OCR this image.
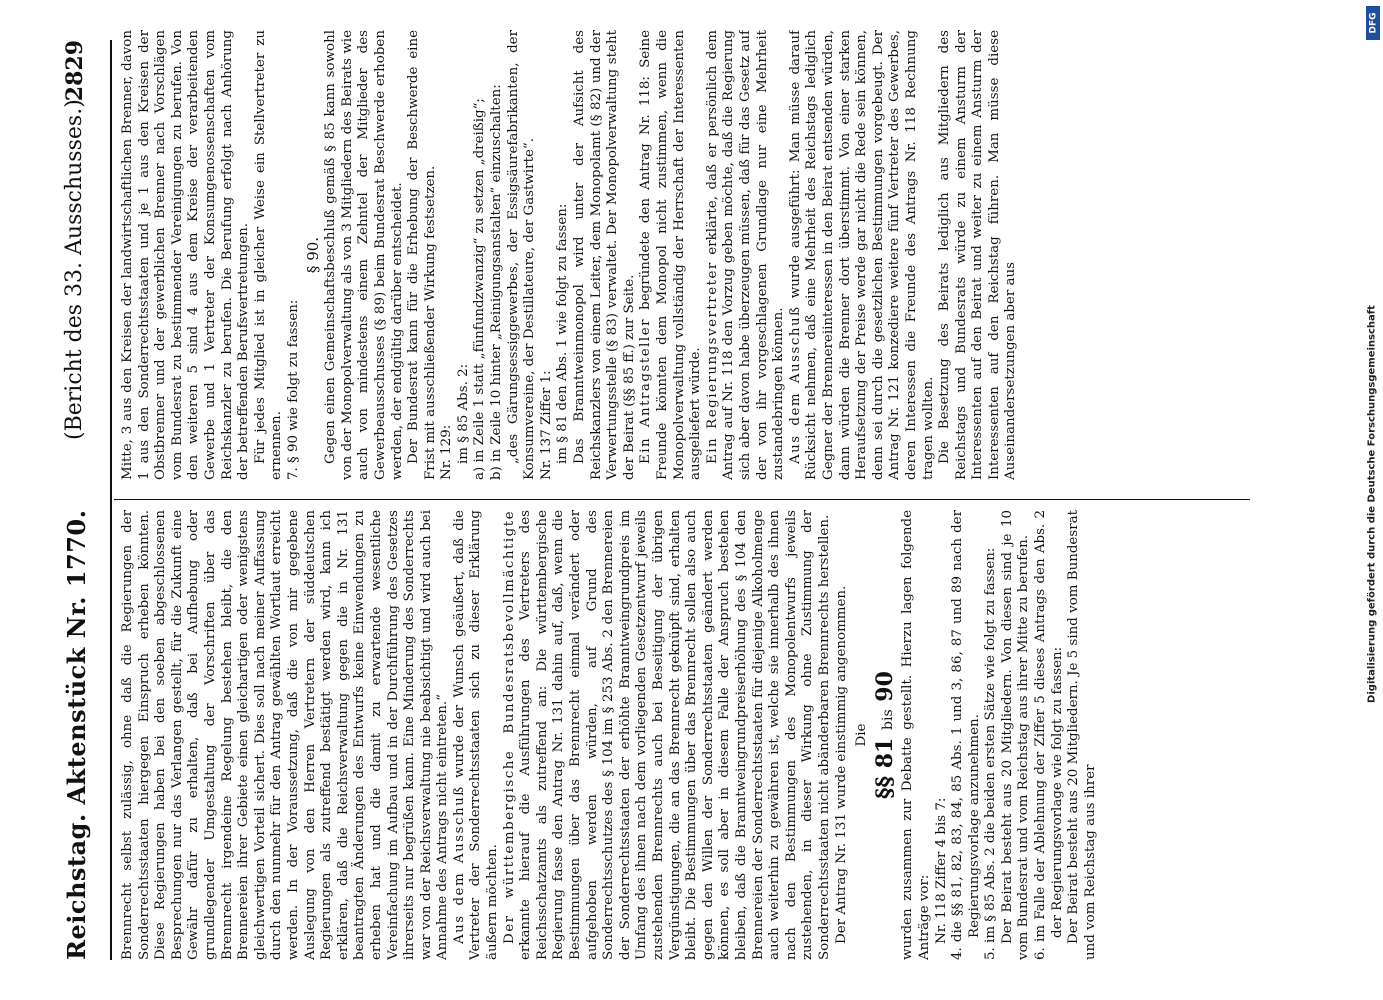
Reichstag. Aktenstück Nr. 1770.
(Bericht des 33. Ausschusses.)
2829

Brennrecht selbst zulässig, ohne daß die Regierungen der Sonderrechtsstaaten hiergegen Einspruch erheben könnten. Diese Regierungen haben bei den soeben abgeschlossenen Besprechungen nur das Verlangen gestellt, für die Zukunft eine Gewähr dafür zu erhalten, daß bei Aufhebung oder grundlegender Umgestaltung der Vorschriften über das Brennrecht irgendeine Regelung bestehen bleibt, die den Brennereien ihrer Gebiete einen gleichartigen oder wenigstens gleichwertigen Vorteil sichert. Dies soll nach meiner Auffassung durch den nunmehr für den Antrag gewählten Wortlaut erreicht werden. In der Voraussetzung, daß die von mir gegebene Auslegung von den Herren Vertretern der süddeutschen Regierungen als zutreffend bestätigt werden wird, kann ich erklären, daß die Reichsverwaltung gegen die in Nr. 131 beantragten Änderungen des Entwurfs keine Einwendungen zu erheben hat und die damit zu erwartende wesentliche Vereinfachung im Aufbau und in der Durchführung des Gesetzes ihrerseits nur begrüßen kann. Eine Minderung des Sonderrechts war von der Reichsverwaltung nie beabsichtigt und wird auch bei Annahme des Antrags nicht eintreten.“ Aus dem Ausschuß wurde der Wunsch geäußert, daß die Vertreter der Sonderrechtsstaaten sich zu dieser Erklärung äußern möchten. Der württembergische Bundesratsbevollmächtigte erkannte hierauf die Ausführungen des Vertreters des Reichsschatzamts als zutreffend an: Die württembergische Regierung fasse den Antrag Nr. 131 dahin auf, daß, wenn die Bestimmungen über das Brennrecht einmal verändert oder aufgehoben werden würden, auf Grund des Sonderrechtsschutzes des § 104 im § 253 Abs. 2 den Brennereien der Sonderrechtsstaaten der erhöhte Branntweingrundpreis im Umfang des ihnen nach dem vorliegenden Gesetzentwurf jeweils zustehenden Brennrechts auch bei Beseitigung der übrigen Vergünstigungen, die an das Brennrecht geknüpft sind, erhalten bleibt. Die Bestimmungen über das Brennrecht sollen also auch gegen den Willen der Sonderrechtsstaaten geändert werden können, es soll aber in diesem Falle der Anspruch bestehen bleiben, daß die Branntweingrundpreiserhöhung des § 104 den Brennereien der Sonderrechtsstaaten für diejenige Alkoholmenge auch weiterhin zu gewähren ist, welche sie innerhalb des ihnen nach den Bestimmungen des Monopolentwurfs jeweils zustehenden, in dieser Wirkung ohne Zustimmung der Sonderrechtsstaaten nicht abänderbaren Brennrechts herstellen. Der Antrag Nr. 131 wurde einstimmig angenommen. Die

§§ 81 bis 90 wurden zusammen zur Debatte gestellt. Hierzu lagen folgende Anträge vor: Nr. 118 Ziffer 4 bis 7: 4. die §§ 81, 82, 83, 84, 85 Abs. 1 und 3, 86, 87 und 89 nach der Regierungsvorlage anzunehmen. 5. im § 85 Abs. 2 die beiden ersten Sätze wie folgt zu fassen: Der Beirat besteht aus 20 Mitgliedern. Von diesen sind je 10 vom Bundesrat und vom Reichstag aus ihrer Mitte zu berufen. 6. im Falle der Ablehnung der Ziffer 5 dieses Antrags den Abs. 2 der Regierungsvorlage wie folgt zu fassen: Der Beirat besteht aus 20 Mitgliedern. Je 5 sind vom Bundesrat und vom Reichstag aus ihrer

Mitte, 3 aus den Kreisen der landwirtschaftlichen Brenner, davon 1 aus den Sonderrechtsstaaten und je 1 aus den Kreisen der Obstbrenner und der gewerblichen Brenner nach Vorschlägen vom Bundesrat zu bestimmender Vereinigungen zu berufen. Von den weiteren 5 sind 4 aus dem Kreise der verarbeitenden Gewerbe und 1 Vertreter der Konsumgenossenschaften vom Reichskanzler zu berufen. Die Berufung erfolgt nach Anhörung der betreffenden Berufsvertretungen. Für jedes Mitglied ist in gleicher Weise ein Stellvertreter zu ernennen. 7. § 90 wie folgt zu fassen:

§ 90. Gegen einen Gemeinschaftsbeschluß gemäß § 85 kann sowohl von der Monopolverwaltung als von 3 Mitgliedern des Beirats wie auch von mindestens einem Zehntel der Mitglieder des Gewerbeausschusses (§ 89) beim Bundesrat Beschwerde erhoben werden, der endgültig darüber entscheidet. Der Bundesrat kann für die Erhebung der Beschwerde eine Frist mit ausschließender Wirkung festsetzen. Nr. 129: im § 85 Abs. 2: a) in Zeile 1 statt „fünfundzwanzig“ zu setzen „dreißig“; b) in Zeile 10 hinter „Reinigungsanstalten“ einzuschalten: „des Gärungsessiggewerbes, der Essigsäurefabrikanten, der Konsumvereine, der Destillateure, der Gastwirte“. Nr. 137 Ziffer 1: im § 81 den Abs. 1 wie folgt zu fassen: Das Branntweinmonopol wird unter der Aufsicht des Reichskanzlers von einem Leiter, dem Monopolamt (§ 82) und der Verwertungsstelle (§ 83) verwaltet. Der Monopolverwaltung steht der Beirat (§§ 85 ff.) zur Seite. Ein Antragsteller begründete den Antrag Nr. 118: Seine Freunde könnten dem Monopol nicht zustimmen, wenn die Monopolverwaltung vollständig der Herrschaft der Interessenten ausgeliefert würde. Ein Regierungsvertreter erklärte, daß er persönlich dem Antrag auf Nr. 118 den Vorzug geben möchte, daß die Regierung sich aber davon habe überzeugen müssen, daß für das Gesetz auf der von ihr vorgeschlagenen Grundlage nur eine Mehrheit zustandebringen können. Aus dem Ausschuß wurde ausgeführt: Man müsse darauf Rücksicht nehmen, daß eine Mehrheit des Reichstags lediglich Gegner der Brennereiinteressen in den Beirat entsenden würden, dann würden die Brenner dort überstimmt. Von einer starken Heraufsetzung der Preise werde gar nicht die Rede sein können, denn sei durch die gesetzlichen Bestimmungen vorgebeugt. Der Antrag Nr. 121 konzediere weitere fünf Vertreter des Gewerbes, deren Interessen die Freunde des Antrags Nr. 118 Rechnung tragen wollten. Die Besetzung des Beirats lediglich aus Mitgliedern des Reichstags und Bundesrats würde zu einem Ansturm der Interessenten auf den Beirat und weiter zu einem Ansturm der Interessenten auf den Reichstag führen. Man müsse diese Auseinandersetzungen aber aus

DFG
Digitalisierung gefördert durch die Deutsche Forschungsgemeinschaft
